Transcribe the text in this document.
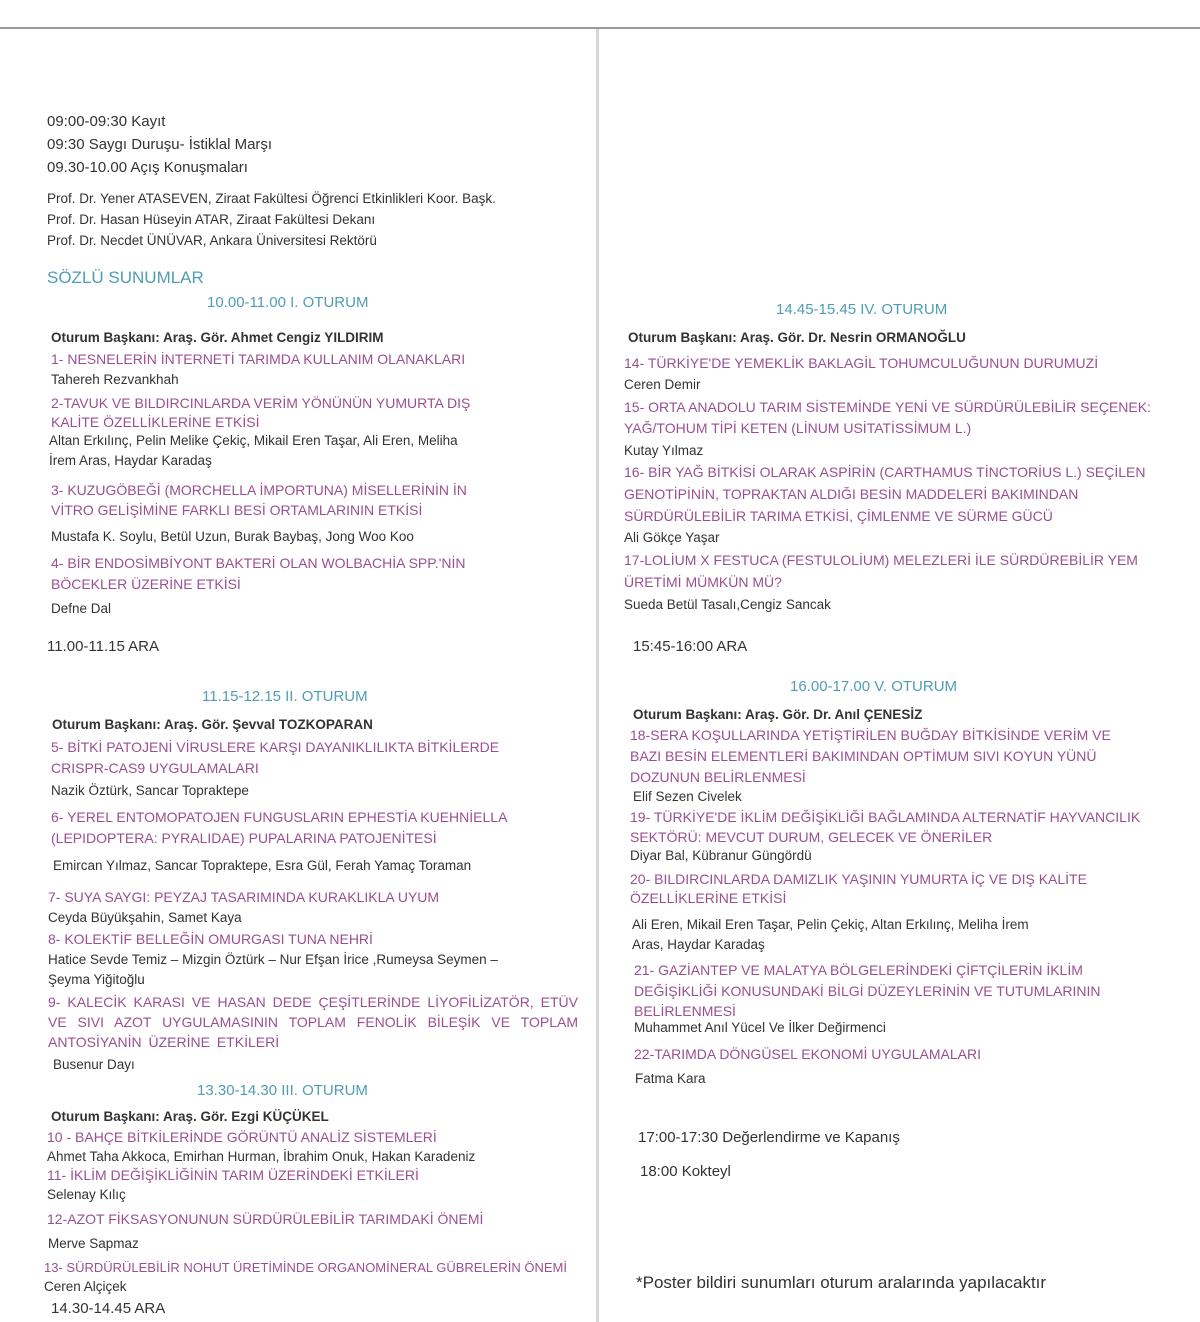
09:00-09:30 Kayıt
09:30 Saygı Duruşu- İstiklal Marşı
09.30-10.00 Açış Konuşmaları
Prof. Dr. Yener ATASEVEN, Ziraat Fakültesi Öğrenci Etkinlikleri Koor. Başk.
Prof. Dr. Hasan Hüseyin ATAR, Ziraat Fakültesi Dekanı
Prof. Dr. Necdet ÜNÜVAR, Ankara Üniversitesi Rektörü
SÖZLÜ SUNUMLAR
10.00-11.00 I. OTURUM
Oturum Başkanı: Araş. Gör. Ahmet Cengiz YILDIRIM
1- NESNELERİN İNTERNETİ TARIMDA KULLANIM OLANAKLARI
Tahereh Rezvankhah
2-TAVUK VE BILDIRCINLARDA VERİM YÖNÜNÜN YUMURTA DIŞ
KALİTE ÖZELLİKLERİNE ETKİSİ
Altan Erkılınç, Pelin Melike Çekiç, Mikail Eren Taşar, Ali Eren, Meliha
İrem Aras, Haydar Karadaş
3- KUZUGÖBEĞİ (MORCHELLA İMPORTUNA) MİSELLERİNİN İN
VİTRO GELİŞİMİNE FARKLI BESİ ORTAMLARININ ETKİSİ
Mustafa K. Soylu, Betül Uzun, Burak Baybaş, Jong Woo Koo
4- BİR ENDOSİMBİYONT BAKTERİ OLAN WOLBACHİA SPP.'NİN
BÖCEKLER ÜZERİNE ETKİSİ
Defne Dal
11.00-11.15 ARA
11.15-12.15 II. OTURUM
Oturum Başkanı: Araş. Gör. Şevval TOZKOPARAN
5- BİTKİ PATOJENİ VİRUSLERE KARŞI DAYANIKLILIKTA BİTKİLERDE
CRISPR-CAS9 UYGULAMALARI
Nazik Öztürk, Sancar Topraktepe
6- YEREL ENTOMOPATOJEN FUNGUSLARIN EPHESTİA KUEHNİELLA
(LEPIDOPTERA: PYRALIDAE) PUPALARINA PATOJENİTESİ
Emircan Yılmaz, Sancar Topraktepe, Esra Gül, Ferah Yamaç Toraman
7- SUYA SAYGI: PEYZAJ TASARIMINDA KURAKLIKLA UYUM
Ceyda Büyükşahin, Samet Kaya
8- KOLEKTİF BELLEĞİN OMURGASI TUNA NEHRİ
Hatice Sevde Temiz – Mizgin Öztürk – Nur Efşan İrice ,Rumeysa Seymen –
Şeyma Yiğitoğlu
9- KALECİK KARASI VE HASAN DEDE ÇEŞİTLERİNDE LİYOFİLİZATÖR, ETÜV VE SIVI AZOT UYGULAMASININ TOPLAM FENOLİK BİLEŞİK VE TOPLAM ANTOSİYANİN ÜZERİNE ETKİLERİ
Busenur Dayı
13.30-14.30 III. OTURUM
Oturum Başkanı: Araş. Gör. Ezgi KÜÇÜKEL
10 - BAHÇE BİTKİLERİNDE GÖRÜNTÜ ANALİZ SİSTEMLERİ
Ahmet Taha Akkoca, Emirhan Hurman, İbrahim Onuk, Hakan Karadeniz
11- İKLİM DEĞİŞİKLİĞİNİN TARIM ÜZERİNDEKİ ETKİLERİ
Selenay Kılıç
12-AZOT FİKSASYONUNUN SÜRDÜRÜLEBİLİR TARIMDAKİ ÖNEMİ
Merve Sapmaz
13- SÜRDÜRÜLEBİLİR NOHUT ÜRETİMİNDE ORGANOMİNERAL GÜBRELERİN ÖNEMİ
Ceren Alçiçek
14.30-14.45 ARA
14.45-15.45 IV. OTURUM
Oturum Başkanı: Araş. Gör. Dr. Nesrin ORMANOĞLU
14- TÜRKİYE'DE YEMEKLİK BAKLAGİL TOHUMCULUĞUNUN DURUMUZİ
Ceren Demir
15- ORTA ANADOLU TARIM SİSTEMİNDE YENİ VE SÜRDÜRÜLEBİLİR SEÇENEK:
YAĞ/TOHUM TİPİ KETEN (LİNUM USİTATİSSİMUM L.)
Kutay Yılmaz
16- BİR YAĞ BİTKİSİ OLARAK ASPİRİN (CARTHAMUS TİNCTORİUS L.) SEÇİLEN
GENOTİPİNİN, TOPRAKTAN ALDIĞI BESİN MADDELERİ BAKIMINDAN
SÜRDÜRÜLEBİLİR TARIMA ETKİSİ, ÇİMLENME VE SÜRME GÜCÜ
Ali Gökçe Yaşar
17-LOLİUM X FESTUCA (FESTULOLİUM) MELEZLERİ İLE SÜRDÜREBİLİR YEM
ÜRETİMİ MÜMKÜN MÜ?
Sueda Betül Tasalı,Cengiz Sancak
15:45-16:00 ARA
16.00-17.00 V. OTURUM
Oturum Başkanı: Araş. Gör. Dr. Anıl ÇENESİZ
18-SERA KOŞULLARINDA YETİŞTİRİLEN BUĞDAY BİTKİSİNDE VERİM VE
BAZI BESİN ELEMENTLERİ BAKIMINDAN OPTİMUM SIVI KOYUN YÜNÜ
DOZUNUN BELİRLENMESİ
Elif Sezen Civelek
19- TÜRKİYE'DE İKLİM DEĞİŞİKLİĞİ BAĞLAMINDA ALTERNATİF HAYVANCILIK
SEKTÖRÜ: MEVCUT DURUM, GELECEK VE ÖNERİLER
Diyar Bal, Kübranur Güngördü
20- BILDIRCINLARDA DAMIZLIK YAŞININ YUMURTA İÇ VE DIŞ KALİTE
ÖZELLİKLERİNE ETKİSİ
Ali Eren, Mikail Eren Taşar, Pelin Çekiç, Altan Erkılınç, Meliha İrem
Aras, Haydar Karadaş
21- GAZİANTEP VE MALATYA BÖLGELERİNDEKİ ÇİFTÇİLERİN İKLİM
DEĞİŞİKLİĞİ KONUSUNDAKİ BİLGİ DÜZEYLERİNİN VE TUTUMLARININ
BELİRLENMESİ
Muhammet Anıl Yücel Ve İlker Değirmenci
22-TARIMDA DÖNGÜSEL EKONOMİ UYGULAMALARI
Fatma Kara
17:00-17:30 Değerlendirme ve Kapanış
18:00 Kokteyl
*Poster bildiri sunumları oturum aralarında yapılacaktır
